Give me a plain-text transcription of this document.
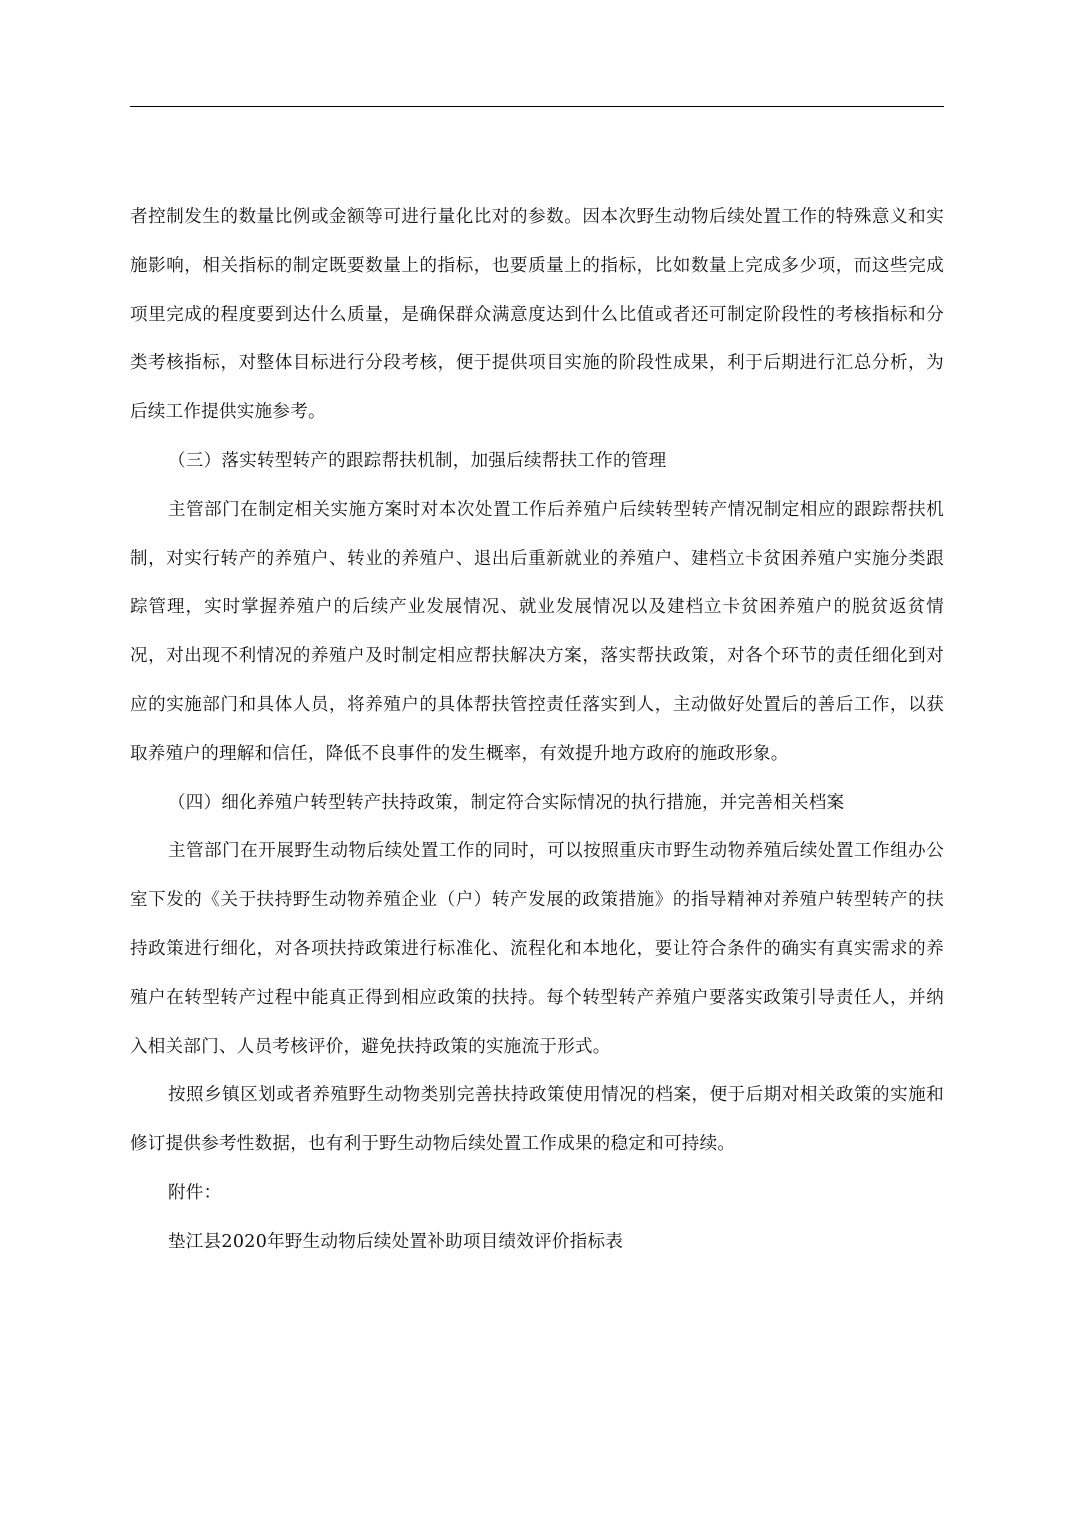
者控制发生的数量比例或金额等可进行量化比对的参数。因本次野生动物后续处置工作的特殊意义和实施影响，相关指标的制定既要数量上的指标，也要质量上的指标，比如数量上完成多少项，而这些完成项里完成的程度要到达什么质量，是确保群众满意度达到什么比值或者还可制定阶段性的考核指标和分类考核指标，对整体目标进行分段考核，便于提供项目实施的阶段性成果，利于后期进行汇总分析，为后续工作提供实施参考。

（三）落实转型转产的跟踪帮扶机制，加强后续帮扶工作的管理

主管部门在制定相关实施方案时对本次处置工作后养殖户后续转型转产情况制定相应的跟踪帮扶机制，对实行转产的养殖户、转业的养殖户、退出后重新就业的养殖户、建档立卡贫困养殖户实施分类跟踪管理，实时掌握养殖户的后续产业发展情况、就业发展情况以及建档立卡贫困养殖户的脱贫返贫情况，对出现不利情况的养殖户及时制定相应帮扶解决方案，落实帮扶政策，对各个环节的责任细化到对应的实施部门和具体人员，将养殖户的具体帮扶管控责任落实到人，主动做好处置后的善后工作，以获取养殖户的理解和信任，降低不良事件的发生概率，有效提升地方政府的施政形象。

（四）细化养殖户转型转产扶持政策，制定符合实际情况的执行措施，并完善相关档案

主管部门在开展野生动物后续处置工作的同时，可以按照重庆市野生动物养殖后续处置工作组办公室下发的《关于扶持野生动物养殖企业（户）转产发展的政策措施》的指导精神对养殖户转型转产的扶持政策进行细化，对各项扶持政策进行标准化、流程化和本地化，要让符合条件的确实有真实需求的养殖户在转型转产过程中能真正得到相应政策的扶持。每个转型转产养殖户要落实政策引导责任人，并纳入相关部门、人员考核评价，避免扶持政策的实施流于形式。

按照乡镇区划或者养殖野生动物类别完善扶持政策使用情况的档案，便于后期对相关政策的实施和修订提供参考性数据，也有利于野生动物后续处置工作成果的稳定和可持续。

附件：

垫江县2020年野生动物后续处置补助项目绩效评价指标表
